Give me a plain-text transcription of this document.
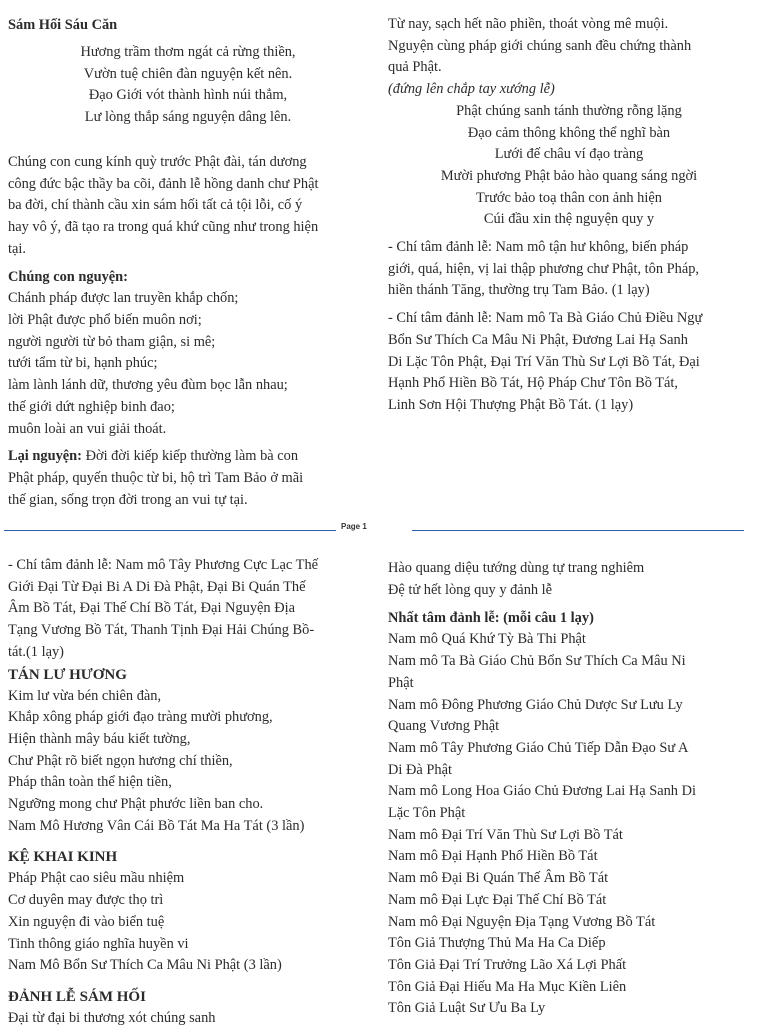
Sám Hối Sáu Căn

Hương trầm thơm ngát cả rừng thiền,

Vườn tuệ chiên đàn nguyện kết nên.

Đạo Giới vót thành hình núi thẳm,

Lư lòng thắp sáng nguyện dâng lên.

Chúng con cung kính quỳ trước Phật đài, tán dương

công đức bậc thầy ba cõi, đảnh lễ hồng danh chư Phật

ba đời, chí thành cầu xin sám hối tất cả tội lỗi, cố ý

hay vô ý, đã tạo ra trong quá khứ cũng như trong hiện

tại.

Chúng con nguyện:

Chánh pháp được lan truyền khắp chốn;

lời Phật được phổ biến muôn nơi;

người người từ bỏ tham giận, si mê;

tưới tẩm từ bi, hạnh phúc;

làm lành lánh dữ, thương yêu đùm bọc lẫn nhau;

thế giới dứt nghiệp binh đao;

muôn loài an vui giải thoát.

Lại nguyện: Đời đời kiếp kiếp thường làm bà con

Phật pháp, quyến thuộc từ bi, hộ trì Tam Bảo ở mãi

thế gian, sống trọn đời trong an vui tự tại.

Từ nay, sạch hết não phiền, thoát vòng mê muội.

Nguyện cùng pháp giới chúng sanh đều chứng thành

quả Phật.

(đứng lên chắp tay xướng lễ)

Phật chúng sanh tánh thường rỗng lặng

Đạo cảm thông không thể nghĩ bàn

Lưới đế châu ví đạo tràng

Mười phương Phật bảo hào quang sáng ngời

Trước bảo toạ thân con ảnh hiện

Cúi đầu xin thệ nguyện quy y

- Chí tâm đảnh lễ: Nam mô tận hư không, biến pháp

giới, quá, hiện, vị lai thập phương chư Phật, tôn Pháp,

hiền thánh Tăng, thường trụ Tam Bảo. (1 lạy)

- Chí tâm đảnh lễ: Nam mô Ta Bà Giáo Chủ Điều Ngự

Bổn Sư Thích Ca Mâu Ni Phật, Đương Lai Hạ Sanh

Di Lặc Tôn Phật, Đại Trí Văn Thù Sư Lợi Bồ Tát, Đại

Hạnh Phổ Hiền Bồ Tát, Hộ Pháp Chư Tôn Bồ Tát,

Linh Sơn Hội Thượng Phật Bồ Tát. (1 lạy)

Page 1

- Chí tâm đảnh lễ: Nam mô Tây Phương Cực Lạc Thế

Giới Đại Từ Đại Bi A Di Đà Phật, Đại Bi Quán Thế

Âm Bồ Tát, Đại Thế Chí Bồ Tát, Đại Nguyện Địa

Tạng Vương Bồ Tát, Thanh Tịnh Đại Hải Chúng Bồ-

tát.(1 lạy)

TÁN LƯ HƯƠNG

Kim lư vừa bén chiên đàn,

Khắp xông pháp giới đạo tràng mười phương,

Hiện thành mây báu kiết tường,

Chư Phật rõ biết ngọn hương chí thiền,

Pháp thân toàn thể hiện tiền,

Ngưỡng mong chư Phật phước liền ban cho.

Nam Mô Hương Vân Cái Bồ Tát Ma Ha Tát (3 lần)

KỆ KHAI KINH

Pháp Phật cao siêu mầu nhiệm

Cơ duyên may được thọ trì

Xin nguyện đi vào biển tuệ

Tinh thông giáo nghĩa huyền vi

Nam Mô Bổn Sư Thích Ca Mâu Ni Phật (3 lần)

ĐẢNH LỄ SÁM HỐI

Đại từ đại bi thương xót chúng sanh

Hào quang diệu tướng dùng tự trang nghiêm

Đệ tử hết lòng quy y đảnh lễ

Nhất tâm đảnh lễ: (mỗi câu 1 lạy)

Nam mô Quá Khứ Tỳ Bà Thi Phật

Nam mô Ta Bà Giáo Chủ Bổn Sư Thích Ca Mâu Ni

Phật

Nam mô Đông Phương Giáo Chủ Dược Sư Lưu Ly

Quang Vương Phật

Nam mô Tây Phương Giáo Chủ Tiếp Dẫn Đạo Sư A

Di Đà Phật

Nam mô Long Hoa Giáo Chủ Đương Lai Hạ Sanh Di

Lặc Tôn Phật

Nam mô Đại Trí Văn Thù Sư Lợi Bồ Tát

Nam mô Đại Hạnh Phổ Hiền Bồ Tát

Nam mô Đại Bi Quán Thế Âm Bồ Tát

Nam mô Đại Lực Đại Thế Chí Bồ Tát

Nam mô Đại Nguyện Địa Tạng Vương Bồ Tát

Tôn Giả Thượng Thủ Ma Ha Ca Diếp

Tôn Giả Đại Trí Trưởng Lão Xá Lợi Phất

Tôn Giả Đại Hiếu Ma Ha Mục Kiền Liên

Tôn Giả Luật Sư Ưu Ba Ly
